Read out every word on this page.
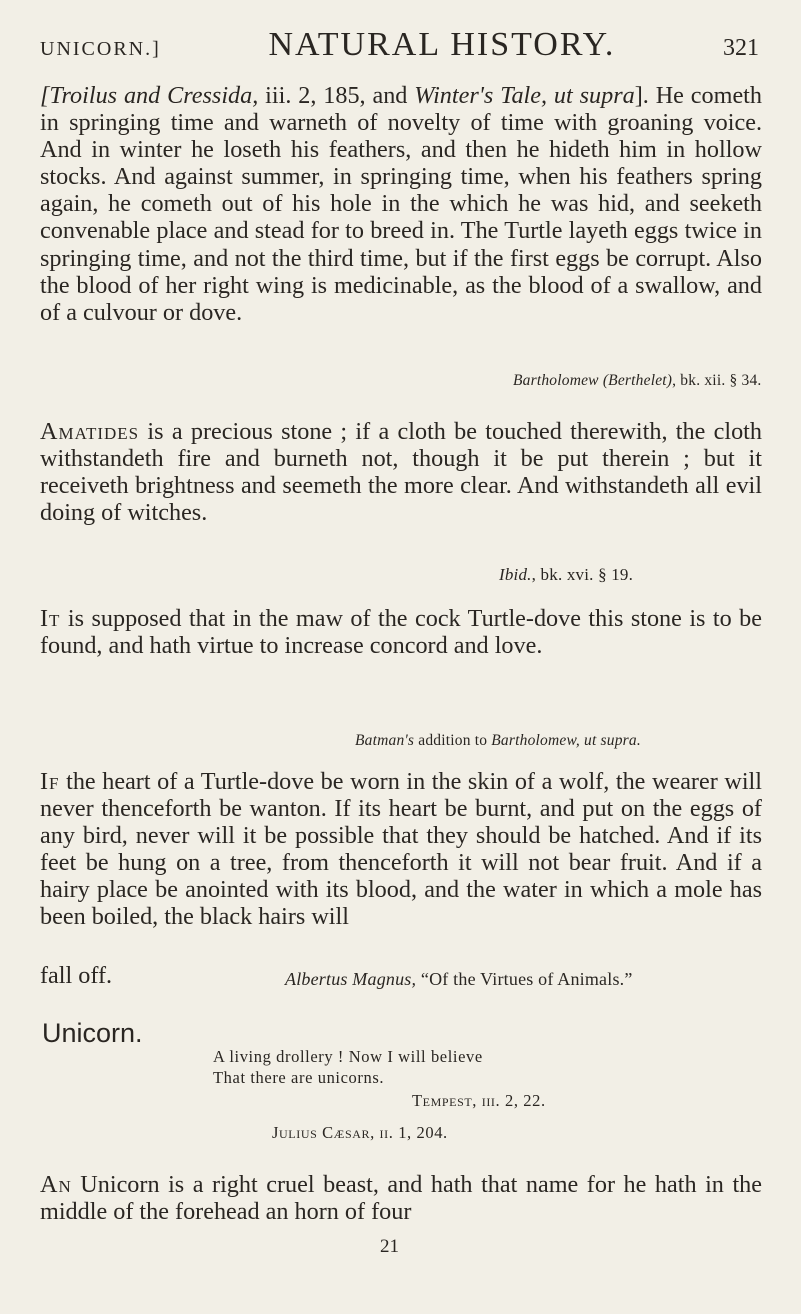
UNICORN.]	NATURAL HISTORY.	321
[Troilus and Cressida, iii. 2, 185, and Winter's Tale, ut supra]. He cometh in springing time and warneth of novelty of time with groaning voice. And in winter he loseth his feathers, and then he hideth him in hollow stocks. And against summer, in springing time, when his feathers spring again, he cometh out of his hole in the which he was hid, and seeketh convenable place and stead for to breed in. The Turtle layeth eggs twice in springing time, and not the third time, but if the first eggs be corrupt. Also the blood of her right wing is medicinable, as the blood of a swallow, and of a culvour or dove.
Bartholomew (Berthelet), bk. xii. § 34.
Amatides is a precious stone ; if a cloth be touched therewith, the cloth withstandeth fire and burneth not, though it be put therein ; but it receiveth brightness and seemeth the more clear. And withstandeth all evil doing of witches.
Ibid., bk. xvi. § 19.
It is supposed that in the maw of the cock Turtle-dove this stone is to be found, and hath virtue to increase concord and love.
Batman's addition to Bartholomew, ut supra.
If the heart of a Turtle-dove be worn in the skin of a wolf, the wearer will never thenceforth be wanton. If its heart be burnt, and put on the eggs of any bird, never will it be possible that they should be hatched. And if its feet be hung on a tree, from thenceforth it will not bear fruit. And if a hairy place be anointed with its blood, and the water in which a mole has been boiled, the black hairs will
fall off.	Albertus Magnus, “Of the Virtues of Animals.”
Unicorn.
A living drollery ! Now I will believe
That there are unicorns.
Tempest, iii. 2, 22.
Julius Cæsar, ii. 1, 204.
An Unicorn is a right cruel beast, and hath that name for he hath in the middle of the forehead an horn of four
21
